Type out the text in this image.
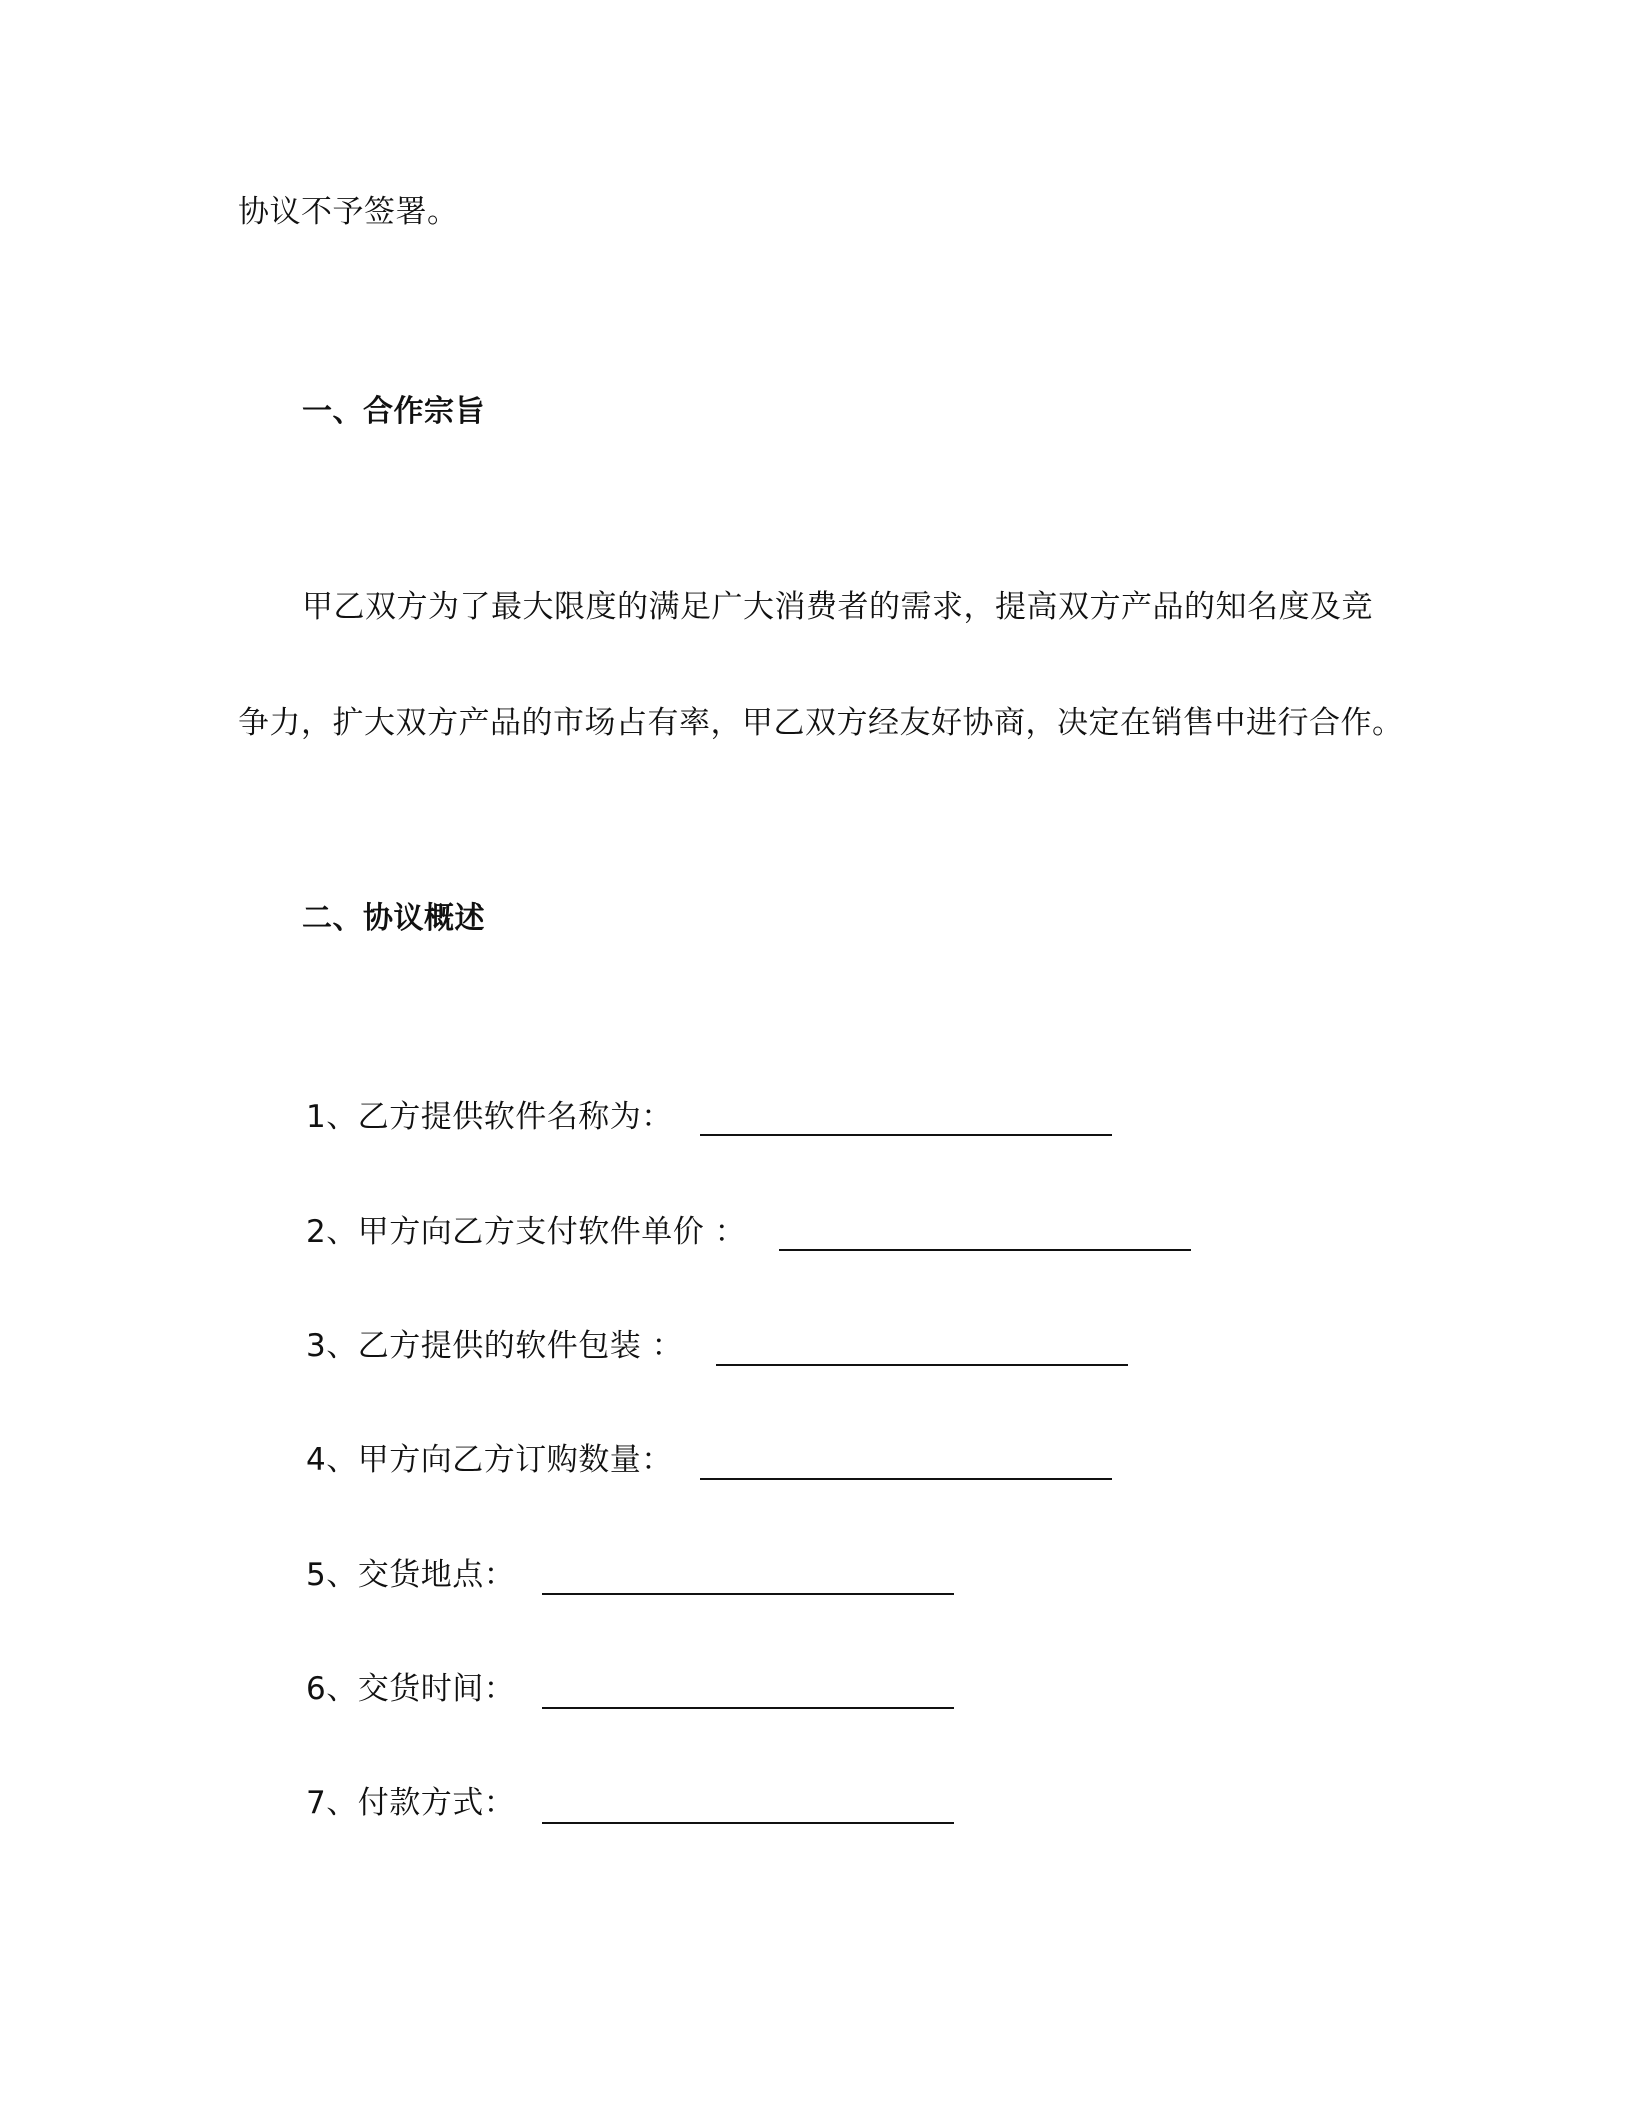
协议不予签署。
一、合作宗旨
甲乙双方为了最大限度的满足广大消费者的需求，提高双方产品的知名度及竞
争力，扩大双方产品的市场占有率，甲乙双方经友好协商，决定在销售中进行合作。
二、协议概述
1、乙方提供软件名称为：
2、甲方向乙方支付软件单价 ：
3、乙方提供的软件包装 ：
4、甲方向乙方订购数量：
5、交货地点：
6、交货时间：
7、付款方式：
